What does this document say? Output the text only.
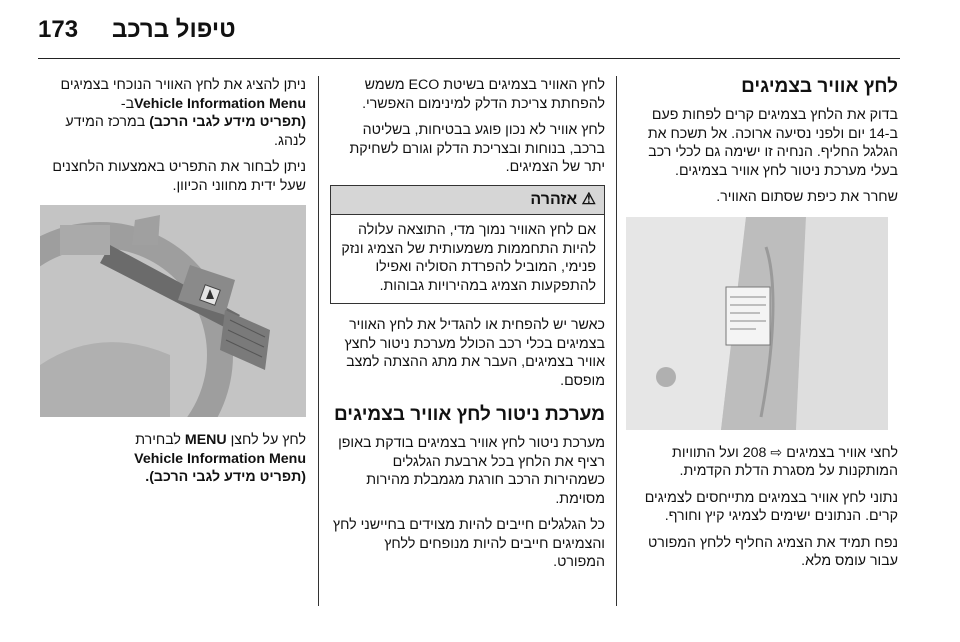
173 טיפול ברכב
לחץ אוויר בצמיגים

בדוק את הלחץ בצמיגים קרים לפחות פעם ב-14 יום ולפני נסיעה ארוכה. אל תשכח את הגלגל החליף. הנחיה זו ישימה גם לכלי רכב בעלי מערכת ניטור לחץ אוויר בצמיגים.

שחרר את כיפת שסתום האוויר.

לחצי אוויר בצמיגים ⇨ 208 ועל התוויות המותקנות על מסגרת הדלת הקדמית.

נתוני לחץ אוויר בצמיגים מתייחסים לצמיגים קרים. הנתונים ישימים לצמיגי קיץ וחורף.

נפח תמיד את הצמיג החליף ללחץ המפורט עבור עומס מלא.

לחץ האוויר בצמיגים בשיטת ECO משמש להפחתת צריכת הדלק למינימום האפשרי.

לחץ אוויר לא נכון פוגע בבטיחות, בשליטה ברכב, בנוחות ובצריכת הדלק וגורם לשחיקת יתר של הצמיגים.

⚠ אזהרה
אם לחץ האוויר נמוך מדי, התוצאה עלולה להיות התחממות משמעותית של הצמיג ונזק פנימי, המוביל להפרדת הסוליה ואפילו להתפקעות הצמיג במהירויות גבוהות.

כאשר יש להפחית או להגדיל את לחץ האוויר בצמיגים בכלי רכב הכולל מערכת ניטור לחצץ אוויר בצמיגים, העבר את מתג ההצתה למצב מופסם.

מערכת ניטור לחץ אוויר בצמיגים

מערכת ניטור לחץ אוויר בצמיגים בודקת באופן רציף את הלחץ בכל ארבעת הגלגלים כשמהירות הרכב חורגת מגמבלת מהירות מסוימת.

כל הגלגלים חייבים להיות מצוידים בחיישני לחץ והצמיגים חייבים להיות מנופחים ללחץ המפורט.

ניתן להציג את לחץ האוויר הנוכחי בצמיגים
Vehicle Information Menuב-
(תפריט מידע לגבי הרכב) במרכז המידע לנהג.

ניתן לבחור את התפריט באמצעות הלחצנים שעל ידית מחווני הכיוון.

לחץ על לחצן MENU לבחירת
Vehicle Information Menu
(תפריט מידע לגבי הרכב).
